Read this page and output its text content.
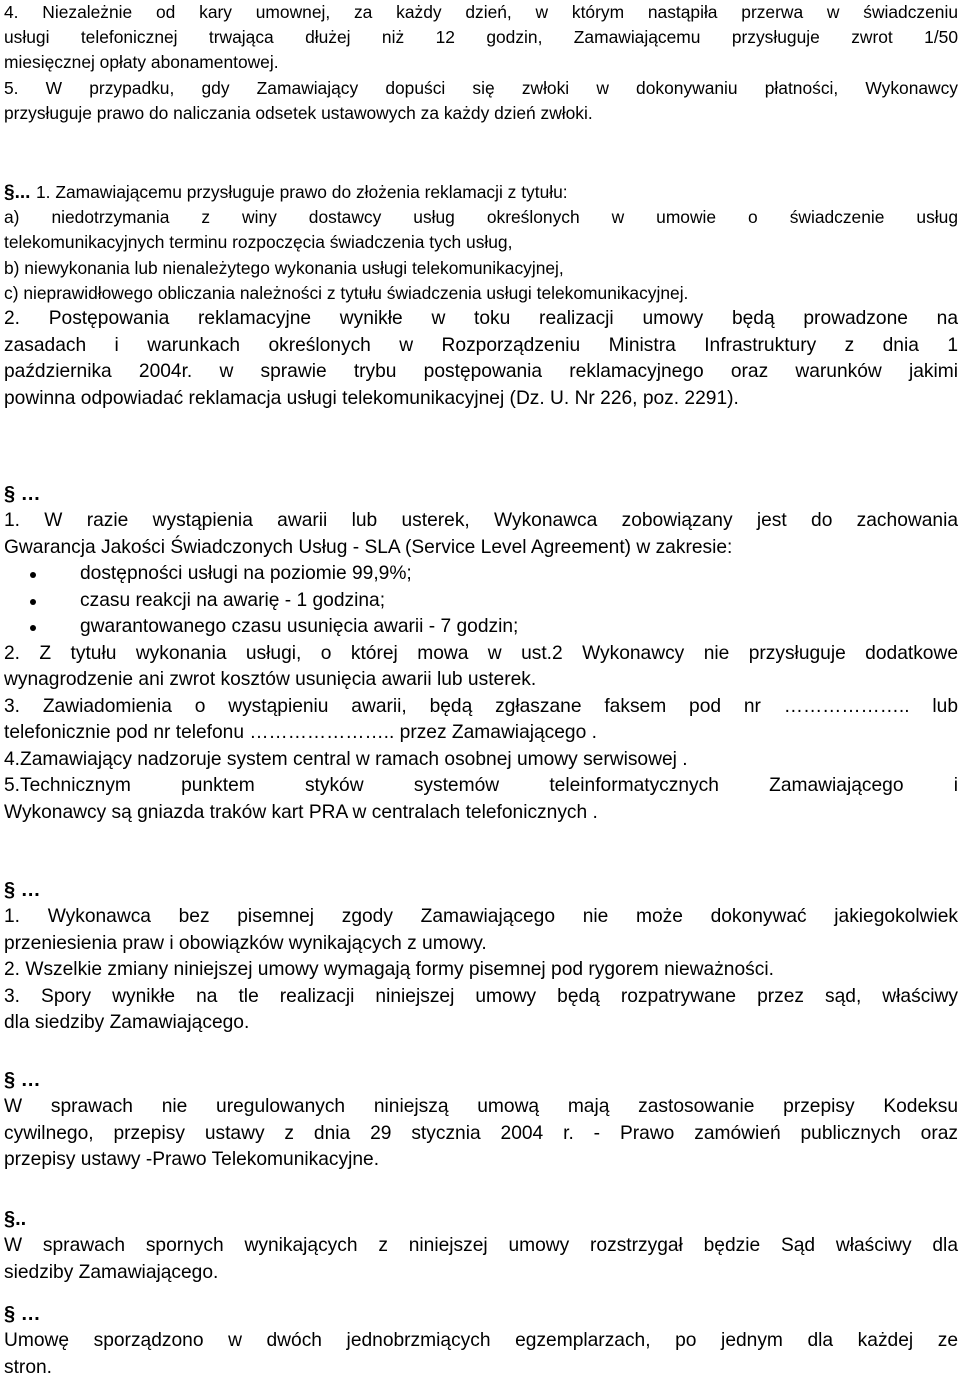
4. Niezależnie od kary umownej, za każdy dzień, w którym nastąpiła przerwa w świadczeniu
usługi telefonicznej trwająca dłużej niż 12 godzin, Zamawiającemu przysługuje zwrot 1/50
miesięcznej opłaty abonamentowej.
5. W przypadku, gdy Zamawiający dopuści się zwłoki w dokonywaniu płatności, Wykonawcy
przysługuje prawo do naliczania odsetek ustawowych za każdy dzień zwłoki.
§... 1. Zamawiającemu przysługuje prawo do złożenia reklamacji z tytułu:
a) niedotrzymania z winy dostawcy usług określonych w umowie o świadczenie usług
telekomunikacyjnych terminu rozpoczęcia świadczenia tych usług,
b) niewykonania lub nienależytego wykonania usługi telekomunikacyjnej,
c) nieprawidłowego obliczania należności z tytułu świadczenia usługi telekomunikacyjnej.
2. Postępowania reklamacyjne wynikłe w toku realizacji umowy będą prowadzone na
zasadach i warunkach określonych w Rozporządzeniu Ministra Infrastruktury z dnia 1
października 2004r. w sprawie trybu postępowania reklamacyjnego oraz warunków jakimi
powinna odpowiadać reklamacja usługi telekomunikacyjnej (Dz. U. Nr 226, poz. 2291).
§ …
1. W razie wystąpienia awarii lub usterek, Wykonawca zobowiązany jest do zachowania
Gwarancja Jakości Świadczonych Usług - SLA (Service Level Agreement) w zakresie:
dostępności usługi na poziomie 99,9%;
czasu reakcji na awarię - 1 godzina;
gwarantowanego czasu usunięcia awarii - 7 godzin;
2. Z tytułu wykonania usługi, o której mowa w ust.2 Wykonawcy nie przysługuje dodatkowe
wynagrodzenie ani zwrot kosztów usunięcia awarii lub usterek.
3. Zawiadomienia o wystąpieniu awarii, będą zgłaszane faksem pod nr ……………….. lub
telefonicznie pod nr telefonu ………………….. przez Zamawiającego .
4.Zamawiający nadzoruje system central w ramach osobnej umowy serwisowej .
5.Technicznym punktem styków systemów teleinformatycznych Zamawiającego i
Wykonawcy są gniazda traków kart PRA w centralach telefonicznych .
§ …
1. Wykonawca bez pisemnej zgody Zamawiającego nie może dokonywać jakiegokolwiek
przeniesienia praw i obowiązków wynikających z umowy.
2. Wszelkie zmiany niniejszej umowy wymagają formy pisemnej pod rygorem nieważności.
3. Spory wynikłe na tle realizacji niniejszej umowy będą rozpatrywane przez sąd, właściwy
dla siedziby Zamawiającego.
§ …
W sprawach nie uregulowanych niniejszą umową mają zastosowanie przepisy Kodeksu
cywilnego, przepisy ustawy z dnia 29 stycznia 2004 r. - Prawo zamówień publicznych oraz
przepisy ustawy -Prawo Telekomunikacyjne.
§..
W sprawach spornych wynikających z niniejszej umowy rozstrzygał będzie Sąd właściwy dla
siedziby Zamawiającego.
§ …
Umowę sporządzono w dwóch jednobrzmiących egzemplarzach, po jednym dla każdej ze
stron.
